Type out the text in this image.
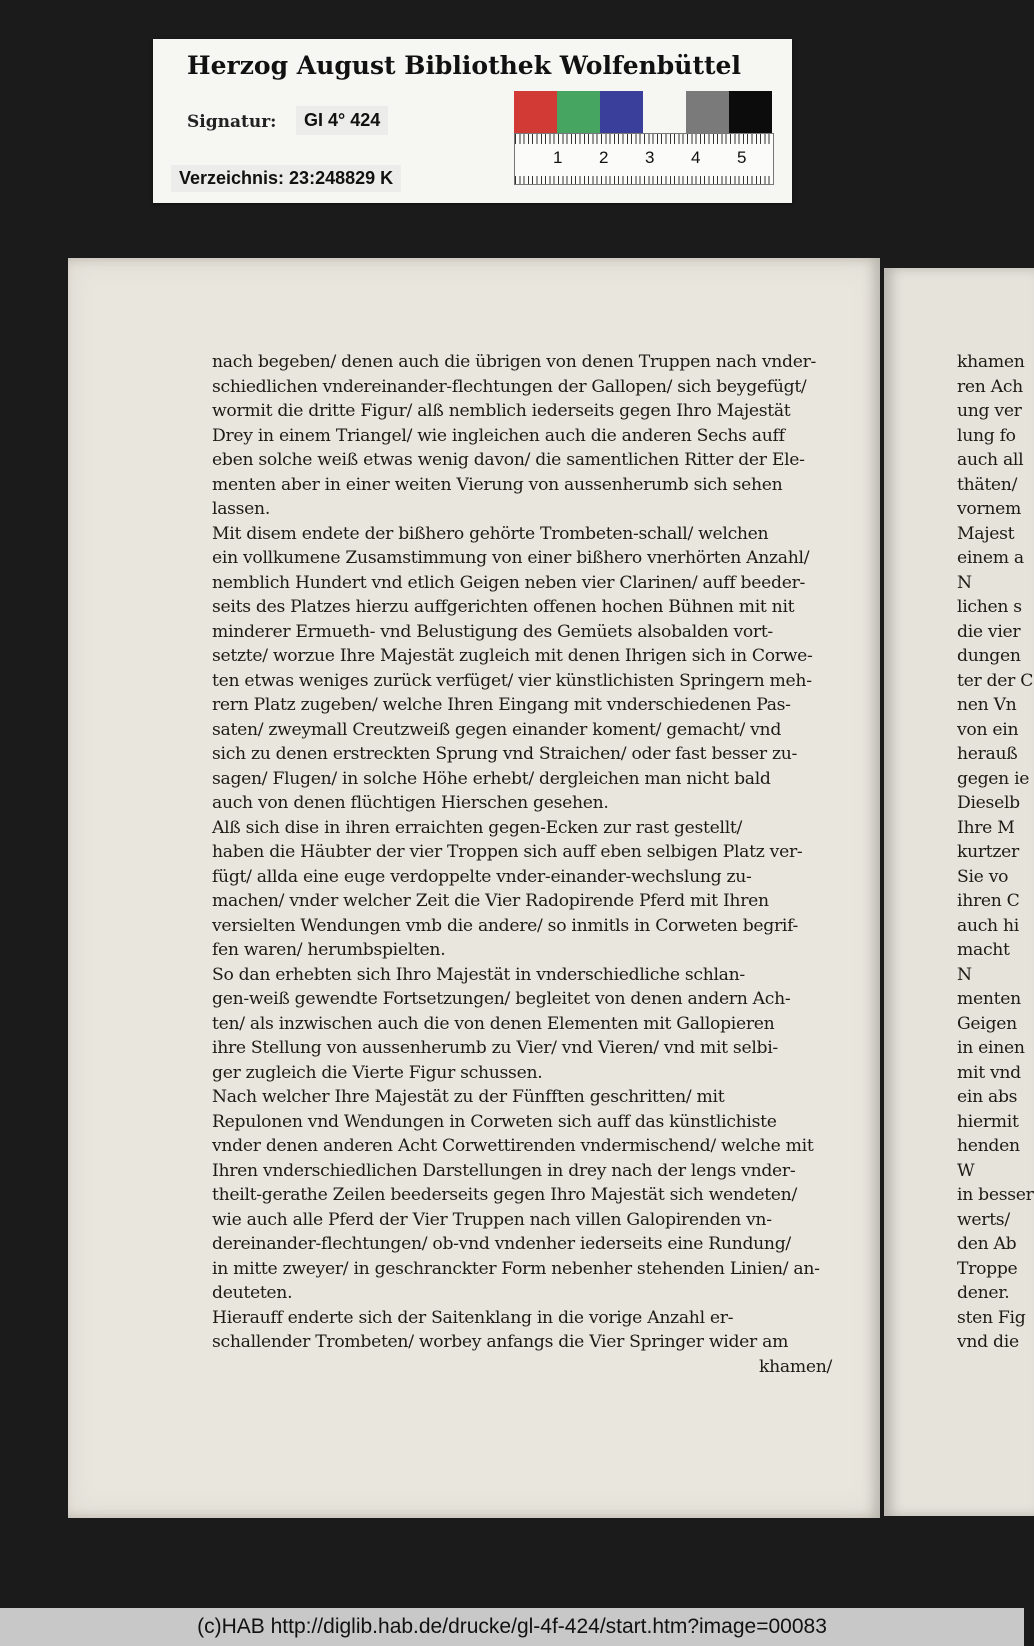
Herzog August Bibliothek Wolfenbüttel
Signatur:	GI 4° 424
Verzeichnis: 23:248829 K
1 2 3 4 5
nach begeben/ denen auch die übrigen von denen Truppen nach vnder-
schiedlichen vndereinander-flechtungen der Gallopen/ sich beygefügt/
wormit die dritte Figur/ alß nemblich iederseits gegen Ihro Majestät
Drey in einem Triangel/ wie ingleichen auch die anderen Sechs auff
eben solche weiß etwas wenig davon/ die samentlichen Ritter der Ele-
menten aber in einer weiten Vierung von aussenherumb sich sehen
lassen.
Mit disem endete der bißhero gehörte Trombeten-schall/ welchen
ein vollkumene Zusamstimmung von einer bißhero vnerhörten Anzahl/
nemblich Hundert vnd etlich Geigen neben vier Clarinen/ auff beeder-
seits des Platzes hierzu auffgerichten offenen hochen Bühnen mit nit
minderer Ermueth- vnd Belustigung des Gemüets alsobalden vort-
setzte/ worzue Ihre Majestät zugleich mit denen Ihrigen sich in Corwe-
ten etwas weniges zurück verfüget/ vier künstlichisten Springern meh-
rern Platz zugeben/ welche Ihren Eingang mit vnderschiedenen Pas-
saten/ zweymall Creutzweiß gegen einander koment/ gemacht/ vnd
sich zu denen erstreckten Sprung vnd Straichen/ oder fast besser zu-
sagen/ Flugen/ in solche Höhe erhebt/ dergleichen man nicht bald
auch von denen flüchtigen Hierschen gesehen.
Alß sich dise in ihren erraichten gegen-Ecken zur rast gestellt/
haben die Häubter der vier Troppen sich auff eben selbigen Platz ver-
fügt/ allda eine euge verdoppelte vnder-einander-wechslung zu-
machen/ vnder welcher Zeit die Vier Radopirende Pferd mit Ihren
versielten Wendungen vmb die andere/ so inmitls in Corweten begrif-
fen waren/ herumbspielten.
So dan erhebten sich Ihro Majestät in vnderschiedliche schlan-
gen-weiß gewendte Fortsetzungen/ begleitet von denen andern Ach-
ten/ als inzwischen auch die von denen Elementen mit Gallopieren
ihre Stellung von aussenherumb zu Vier/ vnd Vieren/ vnd mit selbi-
ger zugleich die Vierte Figur schussen.
Nach welcher Ihre Majestät zu der Fünfften geschritten/ mit
Repulonen vnd Wendungen in Corweten sich auff das künstlichiste
vnder denen anderen Acht Corwettirenden vndermischend/ welche mit
Ihren vnderschiedlichen Darstellungen in drey nach der lengs vnder-
theilt-gerathe Zeilen beederseits gegen Ihro Majestät sich wendeten/
wie auch alle Pferd der Vier Truppen nach villen Galopirenden vn-
dereinander-flechtungen/ ob-vnd vndenher iederseits eine Rundung/
in mitte zweyer/ in geschranckter Form nebenher stehenden Linien/ an-
deuteten.
Hierauff enderte sich der Saitenklang in die vorige Anzahl er-
schallender Trombeten/ worbey anfangs die Vier Springer wider am
khamen/
khamen
ren Ach
ung ver
lung fo
auch all
thäten/
vornem
Majest
einem a
N
lichen s
die vier
dungen
ter der C
nen Vn
von ein
herauß
gegen ie
Dieselb
Ihre M
kurtzer
Sie vo
ihren C
auch hi
macht
N
menten
Geigen
in einen
mit vnd
ein abs
hiermit
henden
W
in besser
werts/
den Ab
Troppe
dener.
sten Fig
vnd die
(c)HAB http://diglib.hab.de/drucke/gl-4f-424/start.htm?image=00083
